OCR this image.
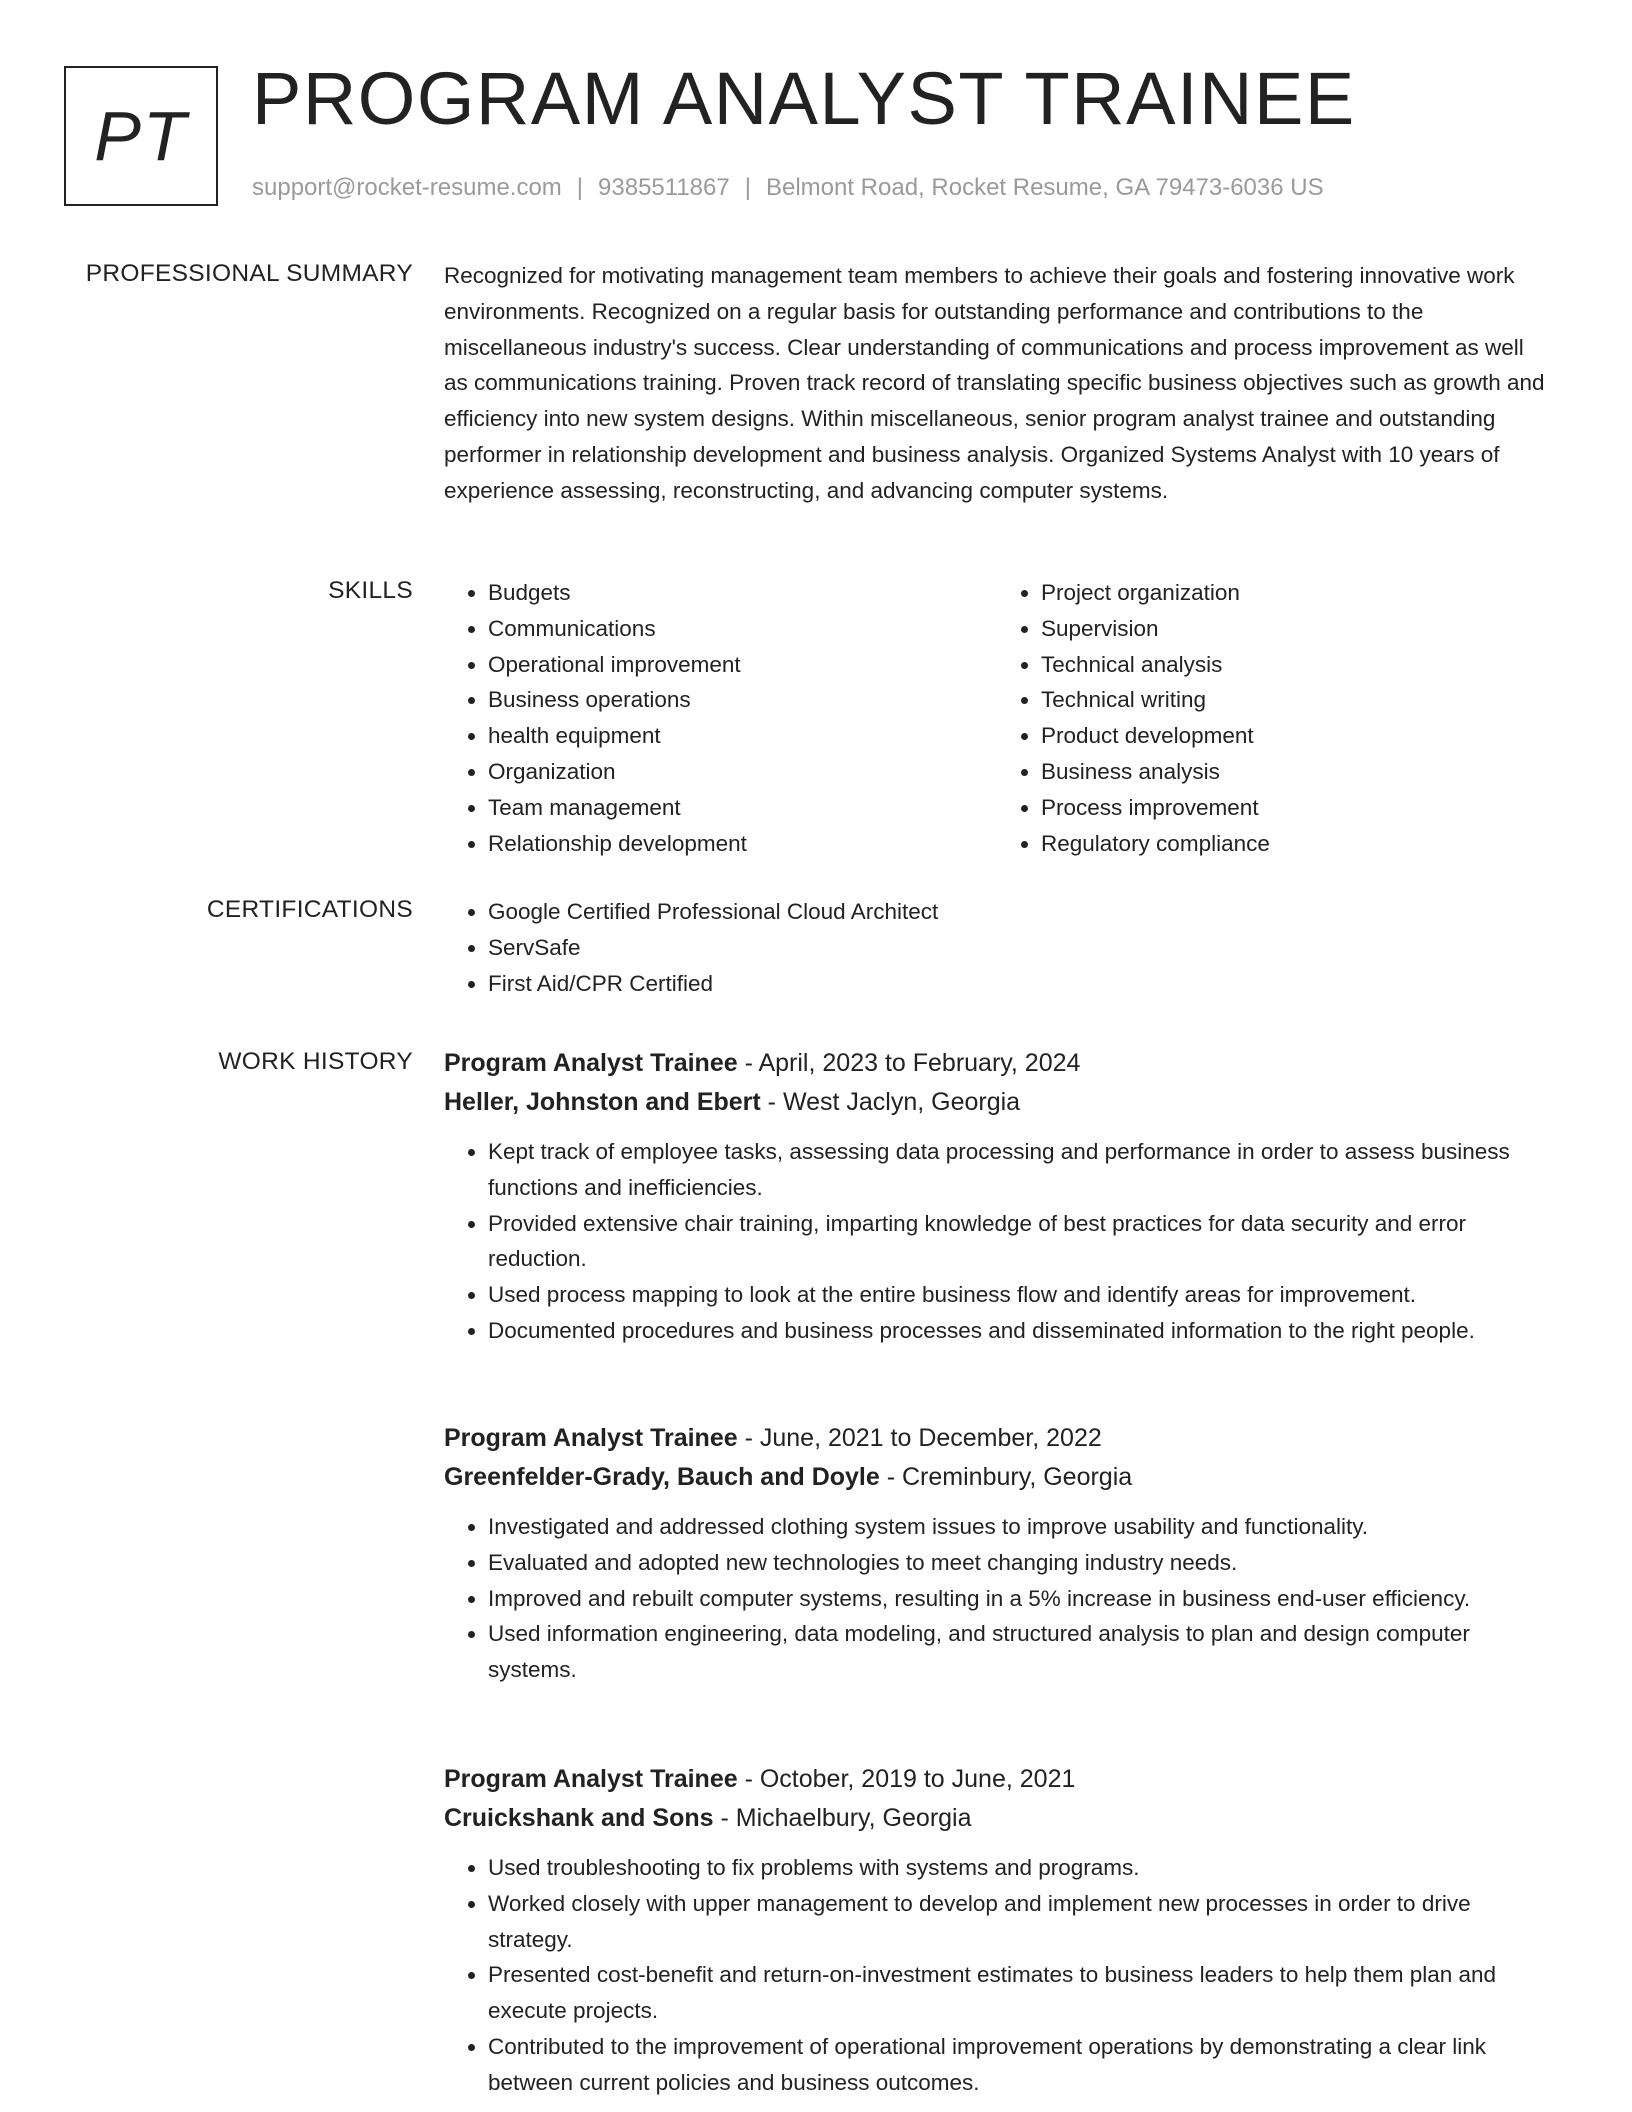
PT PROGRAM ANALYST TRAINEE
support@rocket-resume.com | 9385511867 | Belmont Road, Rocket Resume, GA 79473-6036 US
PROFESSIONAL SUMMARY Recognized for motivating management team members to achieve their goals and fostering innovative work environments. Recognized on a regular basis for outstanding performance and contributions to the miscellaneous industry's success. Clear understanding of communications and process improvement as well as communications training. Proven track record of translating specific business objectives such as growth and efficiency into new system designs. Within miscellaneous, senior program analyst trainee and outstanding performer in relationship development and business analysis. Organized Systems Analyst with 10 years of experience assessing, reconstructing, and advancing computer systems.

SKILLS	• Budgets
• Communications
• Operational improvement
• Business operations
• health equipment
• Organization
• Team management
• Relationship development
• Project organization
• Supervision
• Technical analysis
• Technical writing
• Product development
• Business analysis
• Process improvement
• Regulatory compliance
CERTIFICATIONS	• Google Certified Professional Cloud Architect
• ServSafe
• First Aid/CPR Certified
WORK HISTORY Program Analyst Trainee - April, 2023 to February, 2024
Heller, Johnston and Ebert - West Jaclyn, Georgia
• Kept track of employee tasks, assessing data processing and performance in order to assess business functions and inefficiencies.
• Provided extensive chair training, imparting knowledge of best practices for data security and error reduction.
• Used process mapping to look at the entire business flow and identify areas for improvement.
• Documented procedures and business processes and disseminated information to the right people.
Program Analyst Trainee - June, 2021 to December, 2022
Greenfelder-Grady, Bauch and Doyle - Creminbury, Georgia
• Investigated and addressed clothing system issues to improve usability and functionality.
• Evaluated and adopted new technologies to meet changing industry needs.
• Improved and rebuilt computer systems, resulting in a 5% increase in business end-user efficiency.
• Used information engineering, data modeling, and structured analysis to plan and design computer systems.
Program Analyst Trainee - October, 2019 to June, 2021
Cruickshank and Sons - Michaelbury, Georgia
• Used troubleshooting to fix problems with systems and programs.
• Worked closely with upper management to develop and implement new processes in order to drive strategy.
• Presented cost-benefit and return-on-investment estimates to business leaders to help them plan and execute projects.
• Contributed to the improvement of operational improvement operations by demonstrating a clear link between current policies and business outcomes.
